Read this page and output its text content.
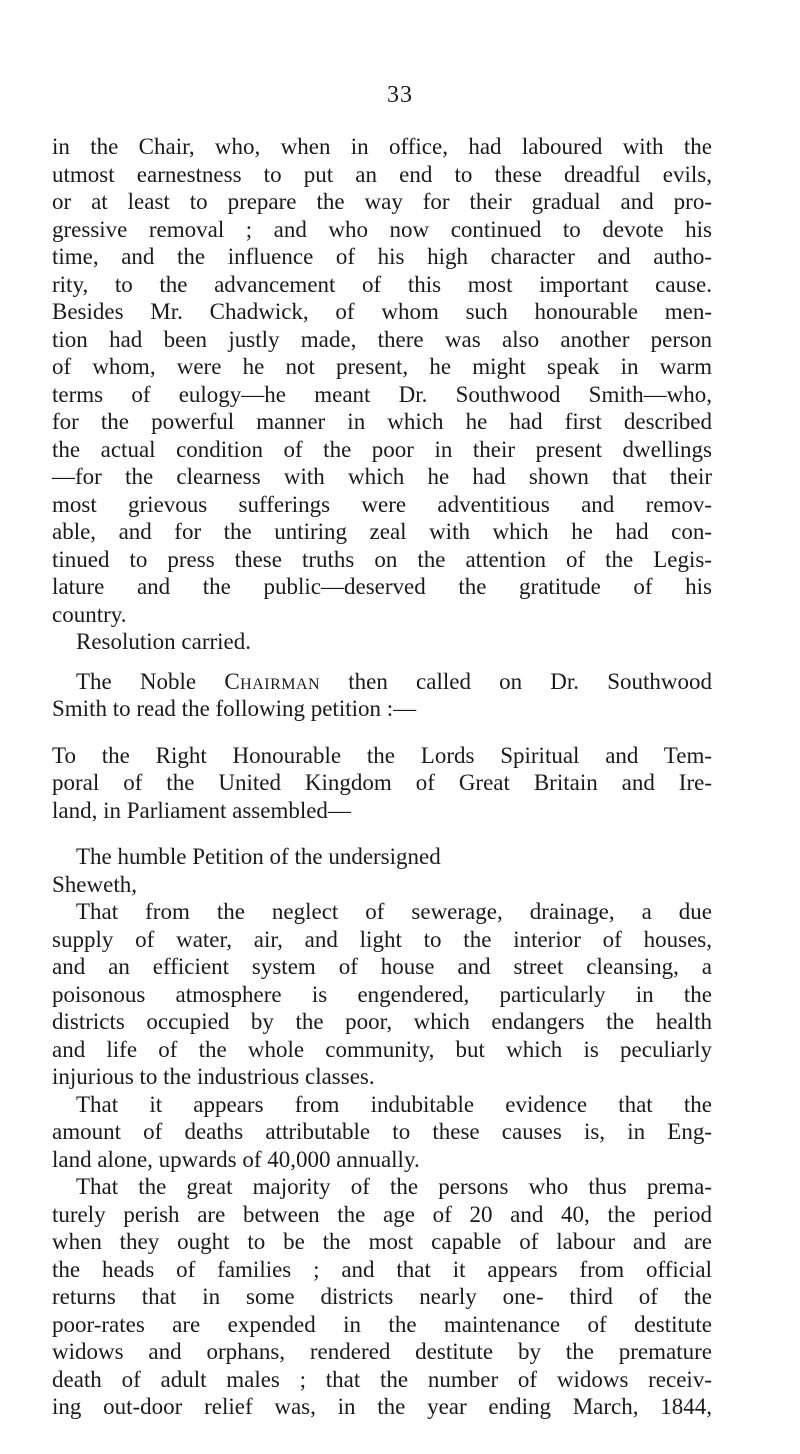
33
in the Chair, who, when in office, had laboured with the
utmost earnestness to put an end to these dreadful evils,
or at least to prepare the way for their gradual and pro-
gressive removal ; and who now continued to devote his
time, and the influence of his high character and autho-
rity, to the advancement of this most important cause.
Besides Mr. Chadwick, of whom such honourable men-
tion had been justly made, there was also another person
of whom, were he not present, he might speak in warm
terms of eulogy—he meant Dr. Southwood Smith—who,
for the powerful manner in which he had first described
the actual condition of the poor in their present dwellings
—for the clearness with which he had shown that their
most grievous sufferings were adventitious and remov-
able, and for the untiring zeal with which he had con-
tinued to press these truths on the attention of the Legis-
lature and the public—deserved the gratitude of his
country.
Resolution carried.
The Noble Chairman then called on Dr. Southwood
Smith to read the following petition :—
To the Right Honourable the Lords Spiritual and Tem-
poral of the United Kingdom of Great Britain and Ire-
land, in Parliament assembled—
The humble Petition of the undersigned
Sheweth,
That from the neglect of sewerage, drainage, a due
supply of water, air, and light to the interior of houses,
and an efficient system of house and street cleansing, a
poisonous atmosphere is engendered, particularly in the
districts occupied by the poor, which endangers the health
and life of the whole community, but which is peculiarly
injurious to the industrious classes.
That it appears from indubitable evidence that the
amount of deaths attributable to these causes is, in Eng-
land alone, upwards of 40,000 annually.
That the great majority of the persons who thus prema-
turely perish are between the age of 20 and 40, the period
when they ought to be the most capable of labour and are
the heads of families ; and that it appears from official
returns that in some districts nearly one- third of the
poor-rates are expended in the maintenance of destitute
widows and orphans, rendered destitute by the premature
death of adult males ; that the number of widows receiv-
ing out-door relief was, in the year ending March, 1844,
